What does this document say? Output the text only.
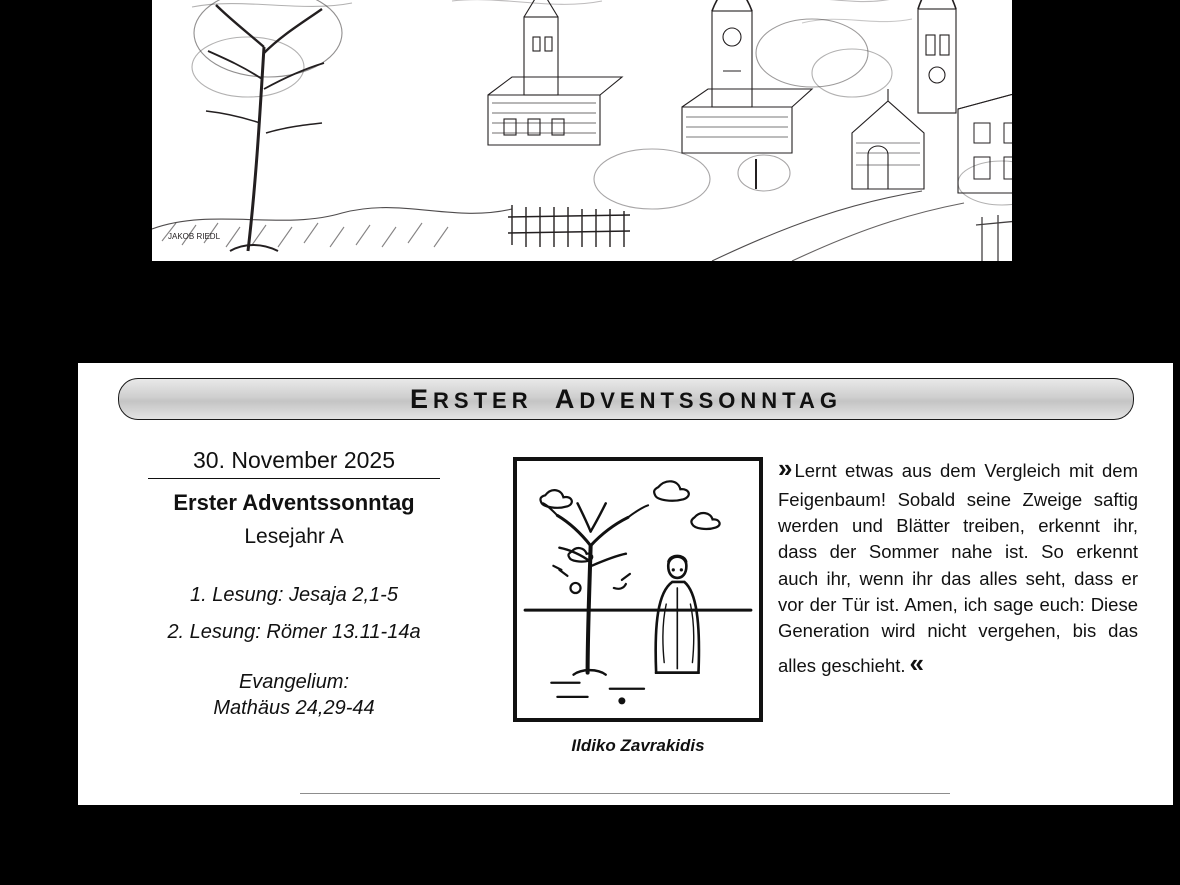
JAKOB RIEDL
ERSTER  ADVENTSSONNTAG
30. November 2025
Erster Adventssonntag
Lesejahr A
1. Lesung: Jesaja 2,1-5
2. Lesung: Römer 13.11-14a
Evangelium:
Mathäus 24,29-44
Ildiko Zavrakidis
» Lernt etwas aus dem Vergleich mit dem Feigenbaum! Sobald seine Zweige saftig werden und Blätter treiben, erkennt ihr, dass der Sommer nahe ist. So erkennt auch ihr, wenn ihr das alles seht, dass er vor der Tür ist. Amen, ich sage euch: Diese Generation wird nicht vergehen, bis das alles geschieht. «
